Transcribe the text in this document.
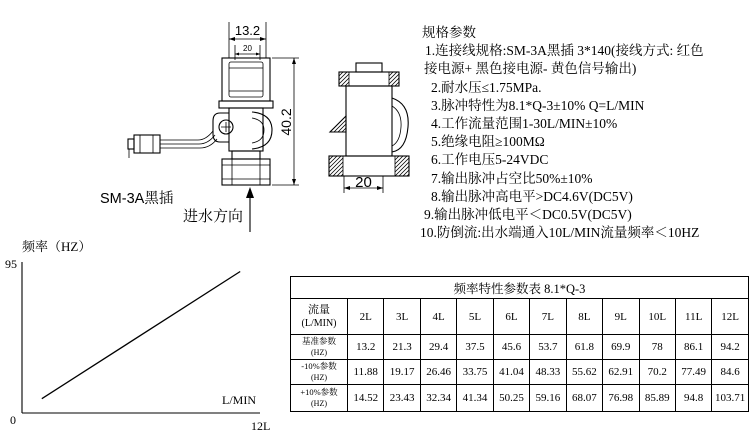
13.2
20
40.2
SM-3A黑插
进水方向
20
规格参数
1.连接线规格:SM-3A黑插 3*140(接线方式: 红色
接电源+ 黑色接电源- 黄色信号输出)
2.耐水压≤1.75MPa.
3.脉冲特性为8.1*Q-3±10% Q=L/MIN
4.工作流量范围1-30L/MIN±10%
5.绝缘电阻≥100MΩ
6.工作电压5-24VDC
7.输出脉冲占空比50%±10%
8.输出脉冲高电平>DC4.6V(DC5V)
9.输出脉冲低电平＜DC0.5V(DC5V)
10.防倒流:出水端通入10L/MIN流量频率＜10HZ
频率（HZ）
95
L/MIN
0	12L
频率特性参数表 8.1*Q-3											

流量
(L/MIN)	2L	3L	4L	5L	6L	7L	8L	9L	10L	11L	12L

基准参数
(HZ)	13.2	21.3	29.4	37.5	45.6	53.7	61.8	69.9	78	86.1	94.2

-10%参数
(HZ)	11.88	19.17	26.46	33.75	41.04	48.33	55.62	62.91	70.2	77.49	84.6

+10%参数
(HZ)	14.52	23.43	32.34	41.34	50.25	59.16	68.07	76.98	85.89	94.8	103.71
